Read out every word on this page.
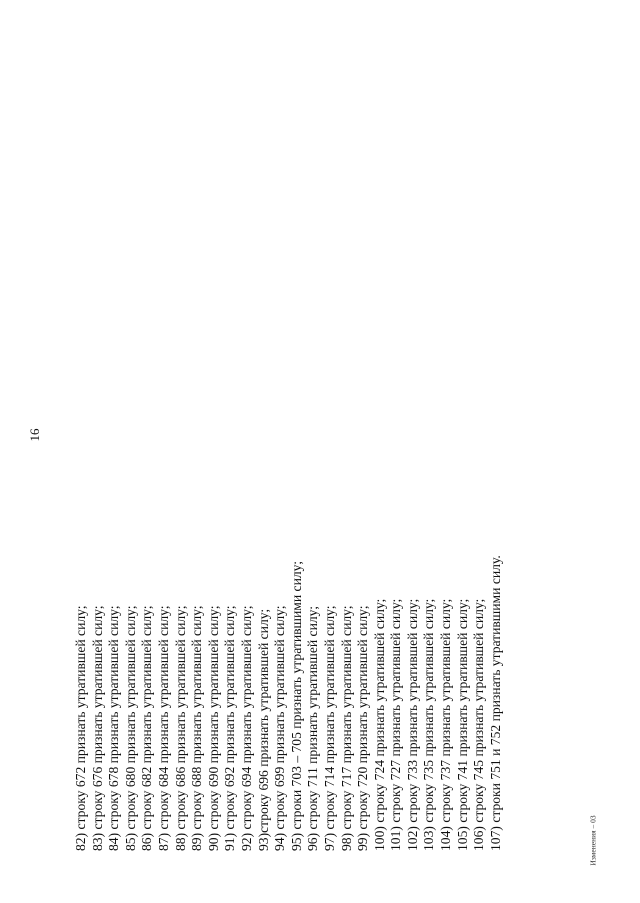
16
82) строку 672 признать утратившей силу; 83) строку 676 признать утратившей силу; 84) строку 678 признать утратившей силу; 85) строку 680 признать утратившей силу; 86) строку 682 признать утратившей силу; 87) строку 684 признать утратившей силу; 88) строку 686 признать утратившей силу; 89) строку 688 признать утратившей силу; 90) строку 690 признать утратившей силу; 91) строку 692 признать утратившей силу; 92) строку 694 признать утратившей силу; 93)строку 696 признать утратившей силу; 94) строку 699 признать утратившей силу; 95) строки 703 – 705 признать утратившими силу; 96) строку 711 признать утратившей силу; 97) строку 714 признать утратившей силу; 98) строку 717 признать утратившей силу; 99) строку 720 признать утратившей силу; 100) строку 724 признать утратившей силу; 101) строку 727 признать утратившей силу; 102) строку 733 признать утратившей силу; 103) строку 735 признать утратившей силу; 104) строку 737 признать утратившей силу; 105) строку 741 признать утратившей силу; 106) строку 745 признать утратившей силу; 107) строки 751 и 752 признать утратившими силу.	Изменения – 03
